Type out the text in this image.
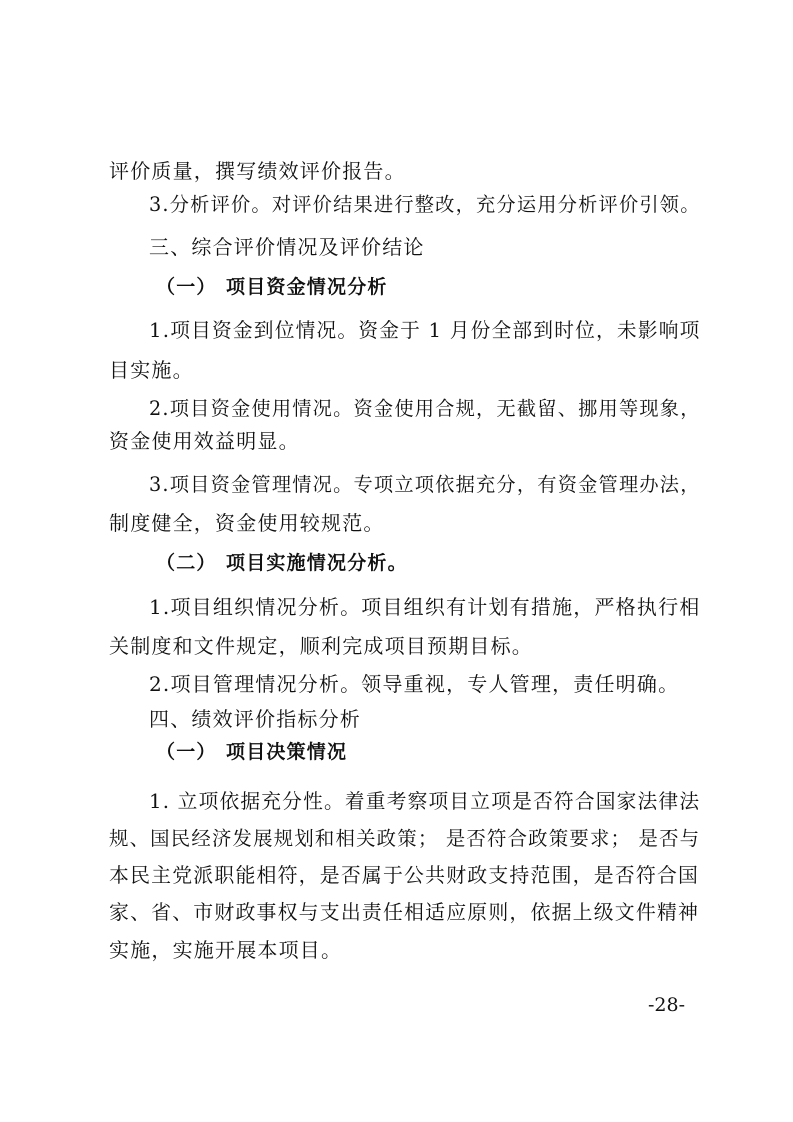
评价质量，撰写绩效评价报告。
3.分析评价。对评价结果进行整改，充分运用分析评价引领。
三、综合评价情况及评价结论
（一） 项目资金情况分析
1.项目资金到位情况。资金于 1 月份全部到时位，未影响项
目实施。
2.项目资金使用情况。资金使用合规，无截留、挪用等现象，
资金使用效益明显。
3.项目资金管理情况。专项立项依据充分，有资金管理办法，
制度健全，资金使用较规范。
（二） 项目实施情况分析。
1.项目组织情况分析。项目组织有计划有措施，严格执行相
关制度和文件规定，顺利完成项目预期目标。
2.项目管理情况分析。领导重视，专人管理，责任明确。
四、绩效评价指标分析
（一） 项目决策情况
1. 立项依据充分性。着重考察项目立项是否符合国家法律法
规、国民经济发展规划和相关政策； 是否符合政策要求； 是否与
本民主党派职能相符，是否属于公共财政支持范围，是否符合国
家、省、市财政事权与支出责任相适应原则，依据上级文件精神
实施，实施开展本项目。
-28-
